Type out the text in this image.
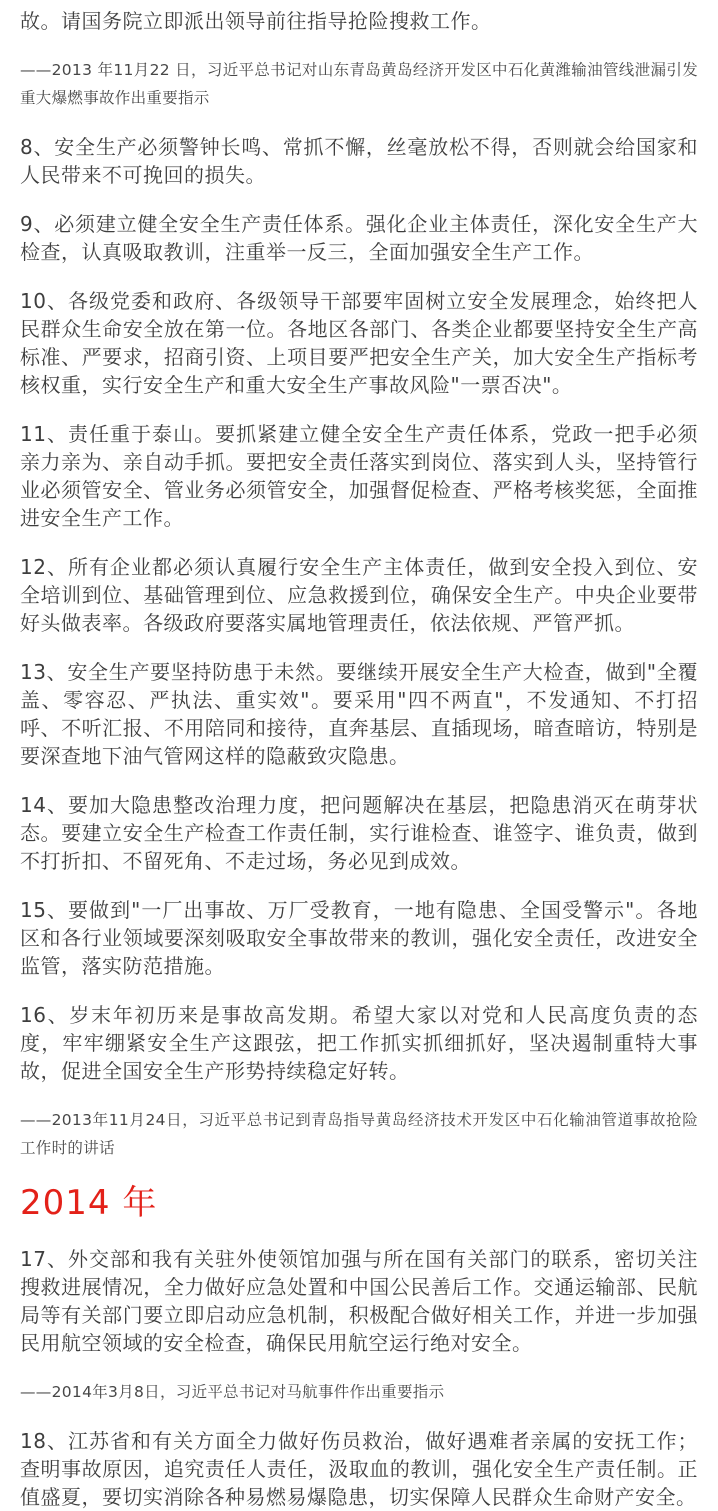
故。请国务院立即派出领导前往指导抢险搜救工作。

——2013 年11月22 日，习近平总书记对山东青岛黄岛经济开发区中石化黄潍输油管线泄漏引发重大爆燃事故作出重要指示

8、安全生产必须警钟长鸣、常抓不懈，丝毫放松不得，否则就会给国家和人民带来不可挽回的损失。

9、必须建立健全安全生产责任体系。强化企业主体责任，深化安全生产大检查，认真吸取教训，注重举一反三，全面加强安全生产工作。

10、各级党委和政府、各级领导干部要牢固树立安全发展理念，始终把人民群众生命安全放在第一位。各地区各部门、各类企业都要坚持安全生产高标准、严要求，招商引资、上项目要严把安全生产关，加大安全生产指标考核权重，实行安全生产和重大安全生产事故风险"一票否决"。

11、责任重于泰山。要抓紧建立健全安全生产责任体系，党政一把手必须亲力亲为、亲自动手抓。要把安全责任落实到岗位、落实到人头，坚持管行业必须管安全、管业务必须管安全，加强督促检查、严格考核奖惩，全面推进安全生产工作。

12、所有企业都必须认真履行安全生产主体责任，做到安全投入到位、安全培训到位、基础管理到位、应急救援到位，确保安全生产。中央企业要带好头做表率。各级政府要落实属地管理责任，依法依规、严管严抓。

13、安全生产要坚持防患于未然。要继续开展安全生产大检查，做到"全覆盖、零容忍、严执法、重实效"。要采用"四不两直"，不发通知、不打招呼、不听汇报、不用陪同和接待，直奔基层、直插现场，暗查暗访，特别是要深查地下油气管网这样的隐蔽致灾隐患。

14、要加大隐患整改治理力度，把问题解决在基层，把隐患消灭在萌芽状态。要建立安全生产检查工作责任制，实行谁检查、谁签字、谁负责，做到不打折扣、不留死角、不走过场，务必见到成效。

15、要做到"一厂出事故、万厂受教育，一地有隐患、全国受警示"。各地区和各行业领域要深刻吸取安全事故带来的教训，强化安全责任，改进安全监管，落实防范措施。

16、岁末年初历来是事故高发期。希望大家以对党和人民高度负责的态度，牢牢绷紧安全生产这跟弦，把工作抓实抓细抓好，坚决遏制重特大事故，促进全国安全生产形势持续稳定好转。

——2013年11月24日，习近平总书记到青岛指导黄岛经济技术开发区中石化输油管道事故抢险工作时的讲话

2014 年

17、外交部和我有关驻外使领馆加强与所在国有关部门的联系，密切关注搜救进展情况，全力做好应急处置和中国公民善后工作。交通运输部、民航局等有关部门要立即启动应急机制，积极配合做好相关工作，并进一步加强民用航空领域的安全检查，确保民用航空运行绝对安全。

——2014年3月8日，习近平总书记对马航事件作出重要指示

18、江苏省和有关方面全力做好伤员救治，做好遇难者亲属的安抚工作；查明事故原因，追究责任人责任，汲取血的教训，强化安全生产责任制。正值盛夏，要切实消除各种易燃易爆隐患，切实保障人民群众生命财产安全。
